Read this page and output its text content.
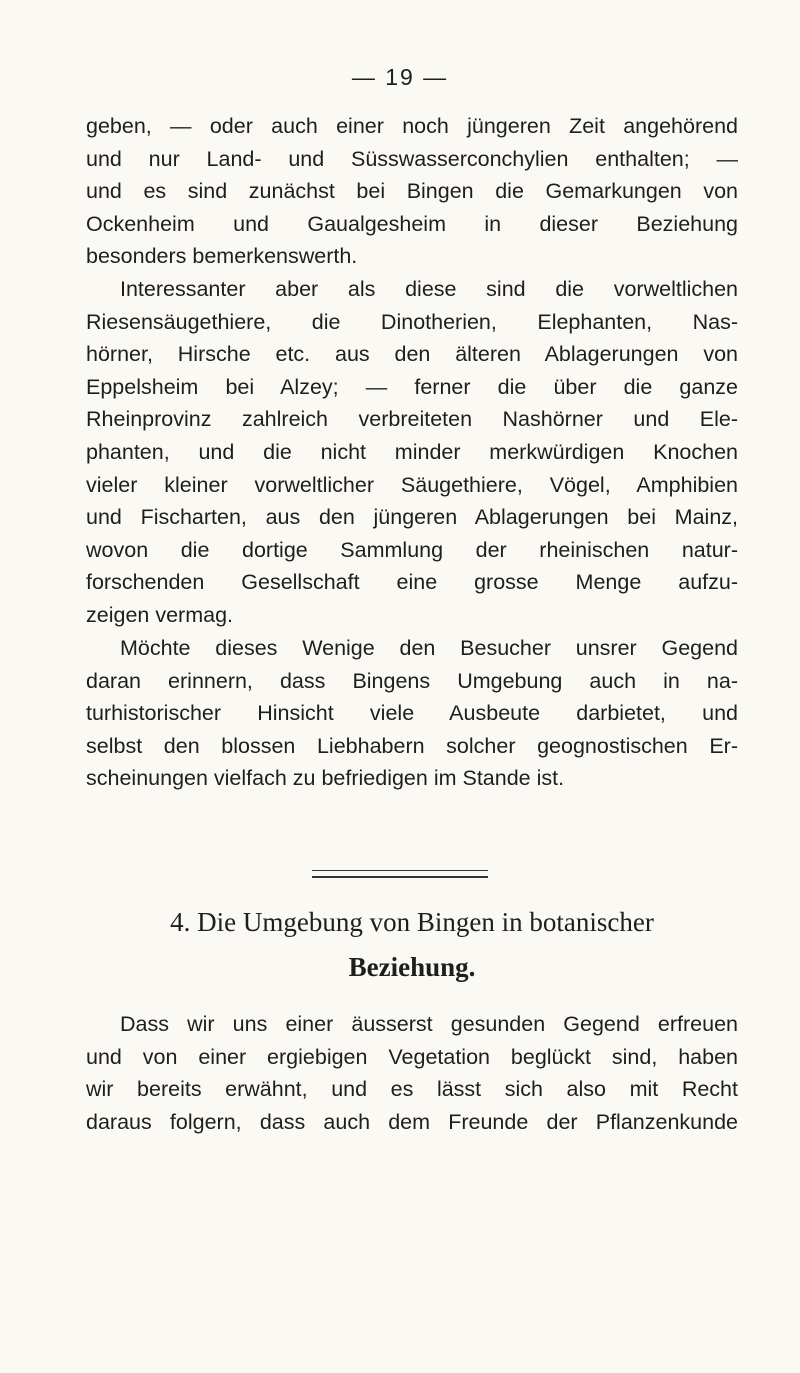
— 19 —
geben, — oder auch einer noch jüngeren Zeit angehörend
und nur Land- und Süsswasserconchylien enthalten; —
und es sind zunächst bei Bingen die Gemarkungen von
Ockenheim und Gaualgesheim in dieser Beziehung
besonders bemerkenswerth.
Interessanter aber als diese sind die vorweltlichen
Riesensäugethiere, die Dinotherien, Elephanten, Nas-
hörner, Hirsche etc. aus den älteren Ablagerungen von
Eppelsheim bei Alzey; — ferner die über die ganze
Rheinprovinz zahlreich verbreiteten Nashörner und Ele-
phanten, und die nicht minder merkwürdigen Knochen
vieler kleiner vorweltlicher Säugethiere, Vögel, Amphibien
und Fischarten, aus den jüngeren Ablagerungen bei Mainz,
wovon die dortige Sammlung der rheinischen natur-
forschenden Gesellschaft eine grosse Menge aufzu-
zeigen vermag.
Möchte dieses Wenige den Besucher unsrer Gegend
daran erinnern, dass Bingens Umgebung auch in na-
turhistorischer Hinsicht viele Ausbeute darbietet, und
selbst den blossen Liebhabern solcher geognostischen Er-
scheinungen vielfach zu befriedigen im Stande ist.
4. Die Umgebung von Bingen in botanischer
Beziehung.
Dass wir uns einer äusserst gesunden Gegend erfreuen
und von einer ergiebigen Vegetation beglückt sind, haben
wir bereits erwähnt, und es lässt sich also mit Recht
daraus folgern, dass auch dem Freunde der Pflanzenkunde
